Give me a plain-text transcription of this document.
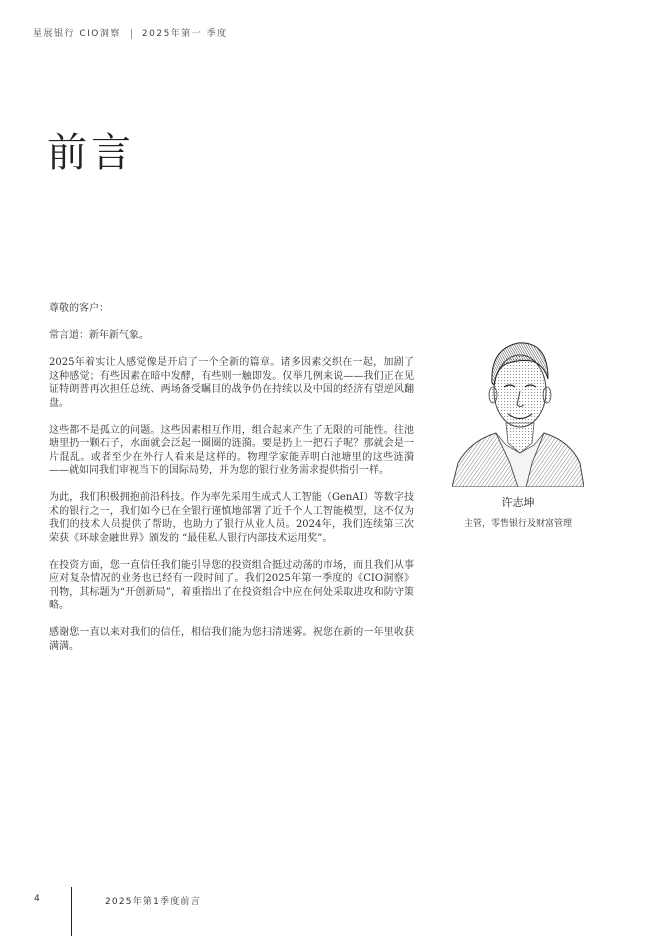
星展银行 CIO洞察 2025年第一 季度
前言

尊敬的客户：

常言道：新年新气象。

2025年着实让人感觉像是开启了一个全新的篇章。诸多因素交织在一起，加剧了这种感觉；有些因素在暗中发酵，有些则一触即发。仅举几例来说——我们正在见证特朗普再次担任总统、两场备受瞩目的战争仍在持续以及中国的经济有望逆风翻盘。

这些都不是孤立的问题。这些因素相互作用，组合起来产生了无限的可能性。往池塘里扔一颗石子，水面就会泛起一圈圈的涟漪。要是扔上一把石子呢？那就会是一片混乱。或者至少在外行人看来是这样的。物理学家能弄明白池塘里的这些涟漪——就如同我们审视当下的国际局势，并为您的银行业务需求提供指引一样。

为此，我们积极拥抱前沿科技。作为率先采用生成式人工智能（GenAI）等数字技术的银行之一，我们如今已在全银行谨慎地部署了近千个人工智能模型，这不仅为我们的技术人员提供了帮助，也助力了银行从业人员。2024年，我们连续第三次荣获《环球金融世界》颁发的 “最佳私人银行内部技术运用奖”。

在投资方面，您一直信任我们能引导您的投资组合挺过动荡的市场，而且我们从事应对复杂情况的业务也已经有一段时间了。我们2025年第一季度的《CIO洞察》刊物，其标题为“开创新局”，着重指出了在投资组合中应在何处采取进攻和防守策略。

感谢您一直以来对我们的信任，相信我们能为您扫清迷雾。祝您在新的一年里收获满满。

许志坤
主管，零售银行及财富管理
4	2025年第1季度前言
